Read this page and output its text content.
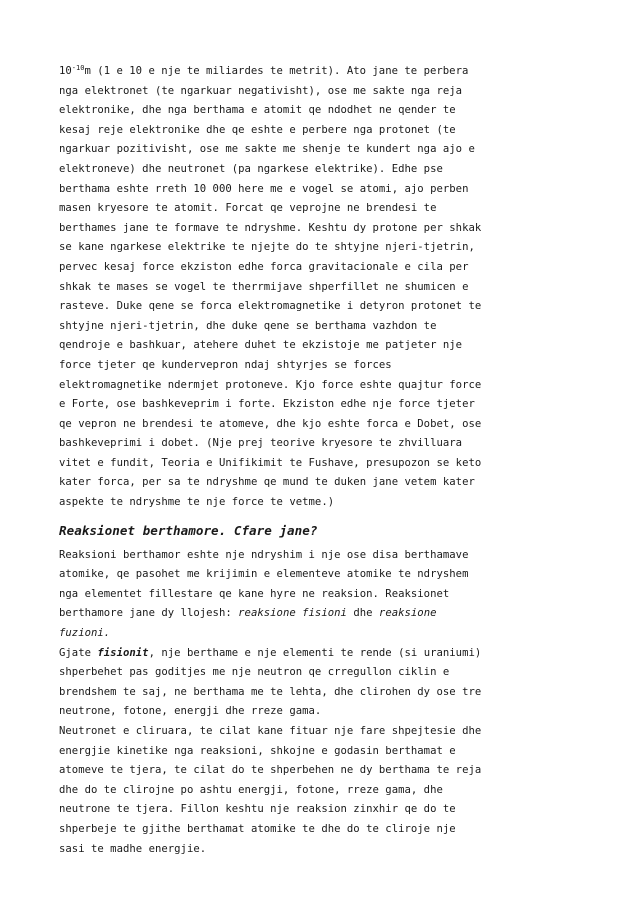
$10^{-10}m$ (1 e 10 e nje te miliardes te metrit). Ato jane te perbera
nga elektronet (te ngarkuar negativisht), ose me sakte nga reja
elektronike, dhe nga berthama e atomit qe ndodhet ne qender te
kesaj reje elektronike dhe qe eshte e perbere nga protonet (te
ngarkuar pozitivisht, ose me sakte me shenje te kundert nga ajo e
elektroneve) dhe neutronet (pa ngarkese elektrike). Edhe pse
berthama eshte rreth 10 000 here me e vogel se atomi, ajo perben
masen kryesore te atomit. Forcat qe veprojne ne brendesi te
berthames jane te formave te ndryshme. Keshtu dy protone per shkak
se kane ngarkese elektrike te njejte do te shtyjne njeri-tjetrin,
pervec kesaj force ekziston edhe forca gravitacionale e cila per
shkak te mases se vogel te therrmijave shperfillet ne shumicen e
rasteve. Duke qene se forca elektromagnetike i detyron protonet te
shtyjne njeri-tjetrin, dhe duke qene se berthama vazhdon te
qendroje e bashkuar, atehere duhet te ekzistoje me patjeter nje
force tjeter qe kundervepron ndaj shtyrjes se forces
elektromagnetike ndermjet protoneve. Kjo force eshte quajtur force
e Forte, ose bashkeveprim i forte. Ekziston edhe nje force tjeter
qe vepron ne brendesi te atomeve, dhe kjo eshte forca e Dobet, ose
bashkeveprimi i dobet. (Nje prej teorive kryesore te zhvilluara
vitet e fundit, Teoria e Unifikimit te Fushave, presupozon se keto
kater forca, per sa te ndryshme qe mund te duken jane vetem kater
aspekte te ndryshme te nje force te vetme.)
Reaksionet berthamore. Cfare jane?
Reaksioni berthamor eshte nje ndryshim i nje ose disa berthamave
atomike, qe pasohet me krijimin e elementeve atomike te ndryshem
nga elementet fillestare qe kane hyre ne reaksion. Reaksionet
berthamore jane dy llojesh: reaksione fisioni dhe reaksione
fuzioni.
Gjate fisionit, nje berthame e nje elementi te rende (si uraniumi)
shperbehet pas goditjes me nje neutron qe crregullon ciklin e
brendshem te saj, ne berthama me te lehta, dhe clirohen dy ose tre
neutrone, fotone, energji dhe rreze gama.
Neutronet e cliruara, te cilat kane fituar nje fare shpejtesie dhe
energjie kinetike nga reaksioni, shkojne e godasin berthamat e
atomeve te tjera, te cilat do te shperbehen ne dy berthama te reja
dhe do te clirojne po ashtu energji, fotone, rreze gama, dhe
neutrone te tjera. Fillon keshtu nje reaksion zinxhir qe do te
shperbeje te gjithe berthamat atomike te dhe do te cliroje nje
sasi te madhe energjie.
